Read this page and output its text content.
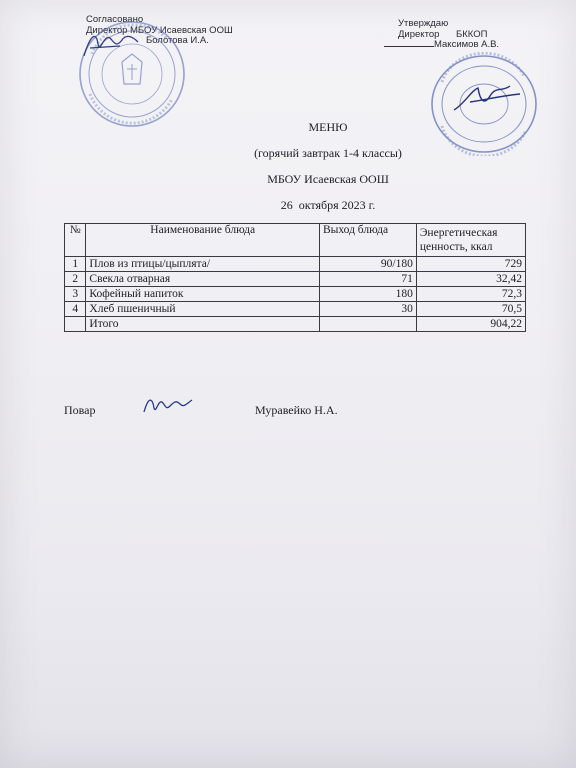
Согласовано
Директор МБОУ Исаевская ООШ
Болотова И.А.
Утверждаю
Директор БККОП
Максимов А.В.
МЕНЮ
(горячий завтрак 1-4 классы)
МБОУ Исаевская ООШ
26  октября 2023 г.
№	Наименование блюда	Выход блюда	Энергетическая ценность, ккал
1	Плов из птицы/цыплята/	90/180	729
2	Свекла отварная	71	32,42
3	Кофейный напиток	180	72,3
4	Хлеб пшеничный	30	70,5
	Итого		904,22
Повар	Муравейко Н.А.
